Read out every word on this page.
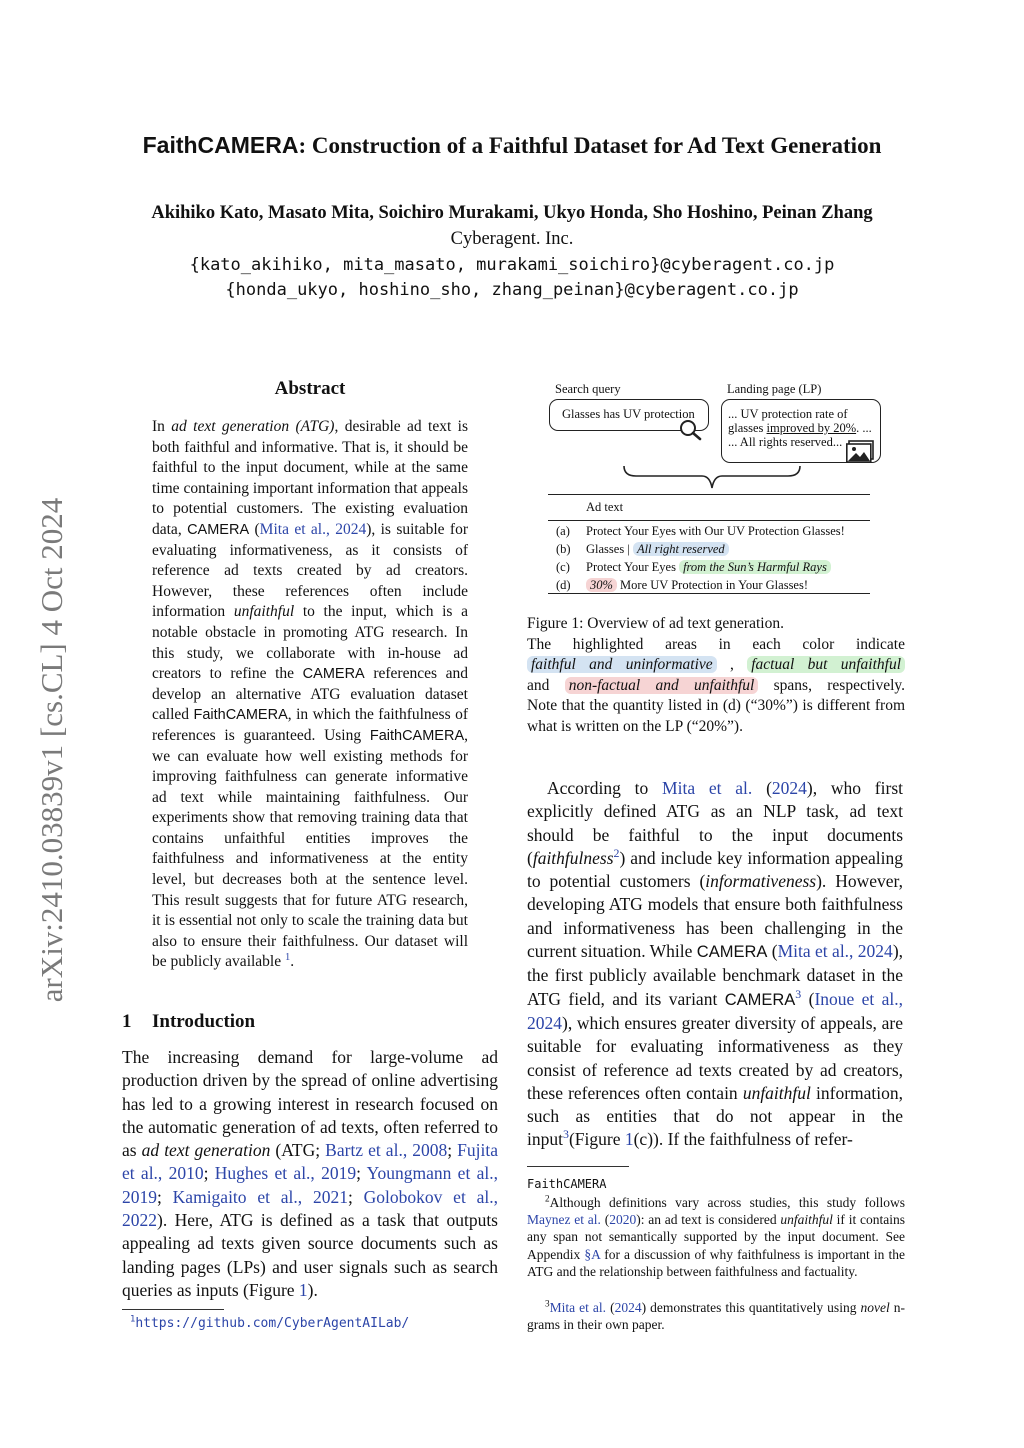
FaithCAMERA: Construction of a Faithful Dataset for Ad Text Generation
Akihiko Kato, Masato Mita, Soichiro Murakami, Ukyo Honda, Sho Hoshino, Peinan Zhang
Cyberagent. Inc.
{kato_akihiko, mita_masato, murakami_soichiro}@cyberagent.co.jp
{honda_ukyo, hoshino_sho, zhang_peinan}@cyberagent.co.jp
arXiv:2410.03839v1 [cs.CL] 4 Oct 2024
Abstract
In ad text generation (ATG), desirable ad text is both faithful and informative. That is, it should be faithful to the input document, while at the same time containing important information that appeals to potential customers. The existing evaluation data, CAMERA (Mita et al., 2024), is suitable for evaluating informativeness, as it consists of reference ad texts created by ad creators. However, these references often include information unfaithful to the input, which is a notable obstacle in promoting ATG research. In this study, we collaborate with in-house ad creators to refine the CAMERA references and develop an alternative ATG evaluation dataset called FaithCAMERA, in which the faithfulness of references is guaranteed. Using FaithCAMERA, we can evaluate how well existing methods for improving faithfulness can generate informative ad text while maintaining faithfulness. Our experiments show that removing training data that contains unfaithful entities improves the faithfulness and informativeness at the entity level, but decreases both at the sentence level. This result suggests that for future ATG research, it is essential not only to scale the training data but also to ensure their faithfulness. Our dataset will be publicly available $^1$.
1 Introduction
The increasing demand for large-volume ad production driven by the spread of online advertising has led to a growing interest in research focused on the automatic generation of ad texts, often referred to as ad text generation (ATG; Bartz et al., 2008; Fujita et al., 2010; Hughes et al., 2019; Youngmann et al., 2019; Kamigaito et al., 2021; Golobokov et al., 2022). Here, ATG is defined as a task that outputs appealing ad texts given source documents such as landing pages (LPs) and user signals such as search queries as inputs (Figure 1).
$^1$https://github.com/CyberAgentAILab/
Search query
Glasses has UV protection
Landing page (LP)
... UV protection rate of
glasses improved by 20%. ...
... All rights reserved...
Ad text
(a) Protect Your Eyes with Our UV Protection Glasses!
(b) Glasses | All right reserved
(c) Protect Your Eyes from the Sun’s Harmful Rays
(d) 30% More UV Protection in Your Glasses!
Figure 1: Overview of ad text generation.
The highlighted areas in each color indicate
faithful and uninformative , factual but unfaithful
and non-factual and unfaithful spans, respectively.
Note that the quantity listed in (d) (“30%”) is different from what is written on the LP (“20%”).
According to Mita et al. (2024), who first explicitly defined ATG as an NLP task, ad text should be faithful to the input documents (faithfulness$^2$) and include key information appealing to potential customers (informativeness). However, developing ATG models that ensure both faithfulness and informativeness has been challenging in the current situation. While CAMERA (Mita et al., 2024), the first publicly available benchmark dataset in the ATG field, and its variant CAMERA$^3$ (Inoue et al., 2024), which ensures greater diversity of appeals, are suitable for evaluating informativeness as they consist of reference ad texts created by ad creators, these references often contain unfaithful information, such as entities that do not appear in the input$^3$(Figure 1(c)). If the faithfulness of refer-
FaithCAMERA
$^2$Although definitions vary across studies, this study follows Maynez et al. (2020): an ad text is considered unfaithful if it contains any span not semantically supported by the input document. See Appendix §A for a discussion of why faithfulness is important in the ATG and the relationship between faithfulness and factuality.
$^3$Mita et al. (2024) demonstrates this quantitatively using novel n-grams in their own paper.
